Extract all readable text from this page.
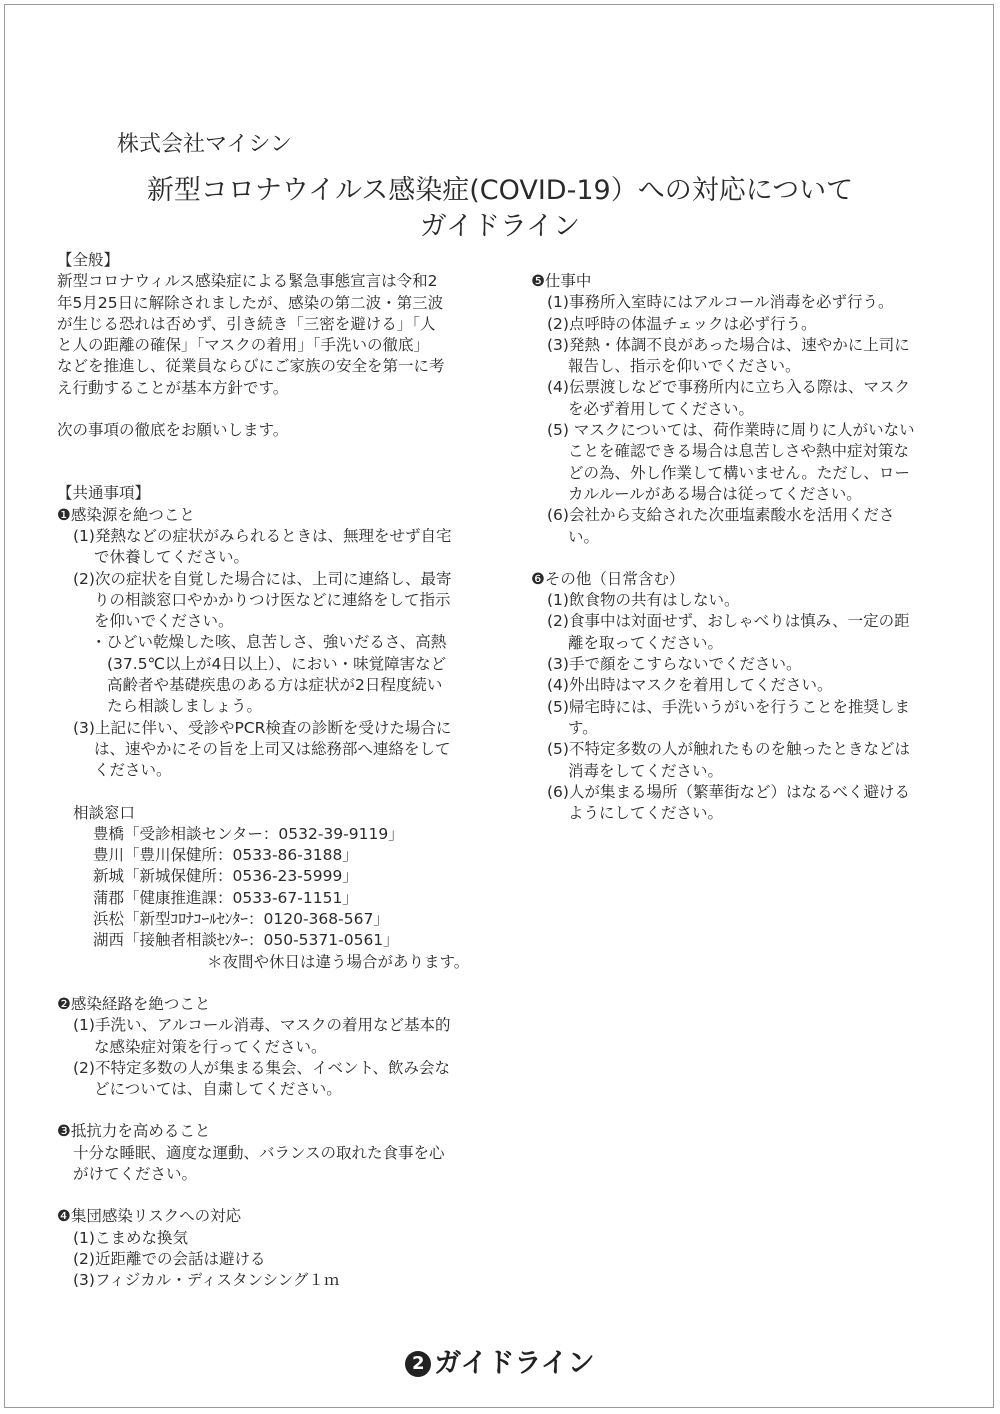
株式会社マイシン
新型コロナウイルス感染症(COVID-19）への対応について
ガイドライン
【全般】
新型コロナウィルス感染症による緊急事態宣言は令和2
年5月25日に解除されましたが、感染の第二波・第三波
が生じる恐れは否めず、引き続き「三密を避ける」「人
と人の距離の確保」「マスクの着用」「手洗いの徹底」
などを推進し、従業員ならびにご家族の安全を第一に考
え行動することが基本方針です。
次の事項の徹底をお願いします。
【共通事項】
❶感染源を絶つこと
(1)発熱などの症状がみられるときは、無理をせず自宅
で休養してください。
(2)次の症状を自覚した場合には、上司に連絡し、最寄
りの相談窓口やかかりつけ医などに連絡をして指示
を仰いでください。
・ひどい乾燥した咳、息苦しさ、強いだるさ、高熱
(37.5℃以上が4日以上）、におい・味覚障害など
高齢者や基礎疾患のある方は症状が2日程度続い
たら相談しましょう。
(3)上記に伴い、受診やPCR検査の診断を受けた場合に
は、速やかにその旨を上司又は総務部へ連絡をして
ください。
相談窓口
豊橋「受診相談センター：0532-39-9119」
豊川「豊川保健所：0533-86-3188」
新城「新城保健所：0536-23-5999」
蒲郡「健康推進課：0533-67-1151」
浜松「新型ｺﾛﾅｺｰﾙｾﾝﾀｰ：0120-368-567」
湖西「接触者相談ｾﾝﾀｰ：050-5371-0561」
＊夜間や休日は違う場合があります。
❷感染経路を絶つこと
(1)手洗い、アルコール消毒、マスクの着用など基本的
な感染症対策を行ってください。
(2)不特定多数の人が集まる集会、イベント、飲み会な
どについては、自粛してください。
❸抵抗力を高めること
十分な睡眠、適度な運動、バランスの取れた食事を心
がけてください。
❹集団感染リスクへの対応
(1)こまめな換気
(2)近距離での会話は避ける
(3)フィジカル・ディスタンシング１ｍ
❺仕事中
(1)事務所入室時にはアルコール消毒を必ず行う。
(2)点呼時の体温チェックは必ず行う。
(3)発熱・体調不良があった場合は、速やかに上司に
報告し、指示を仰いでください。
(4)伝票渡しなどで事務所内に立ち入る際は、マスク
を必ず着用してください。
(5) マスクについては、荷作業時に周りに人がいない
ことを確認できる場合は息苦しさや熱中症対策な
どの為、外し作業して構いません。ただし、ロー
カルルールがある場合は従ってください。
(6)会社から支給された次亜塩素酸水を活用くださ
い。
❻その他（日常含む）
(1)飲食物の共有はしない。
(2)食事中は対面せず、おしゃべりは慎み、一定の距
離を取ってください。
(3)手で顔をこすらないでください。
(4)外出時はマスクを着用してください。
(5)帰宅時には、手洗いうがいを行うことを推奨しま
す。
(5)不特定多数の人が触れたものを触ったときなどは
消毒をしてください。
(6)人が集まる場所（繁華街など）はなるべく避ける
ようにしてください。
2 ガイドライン
